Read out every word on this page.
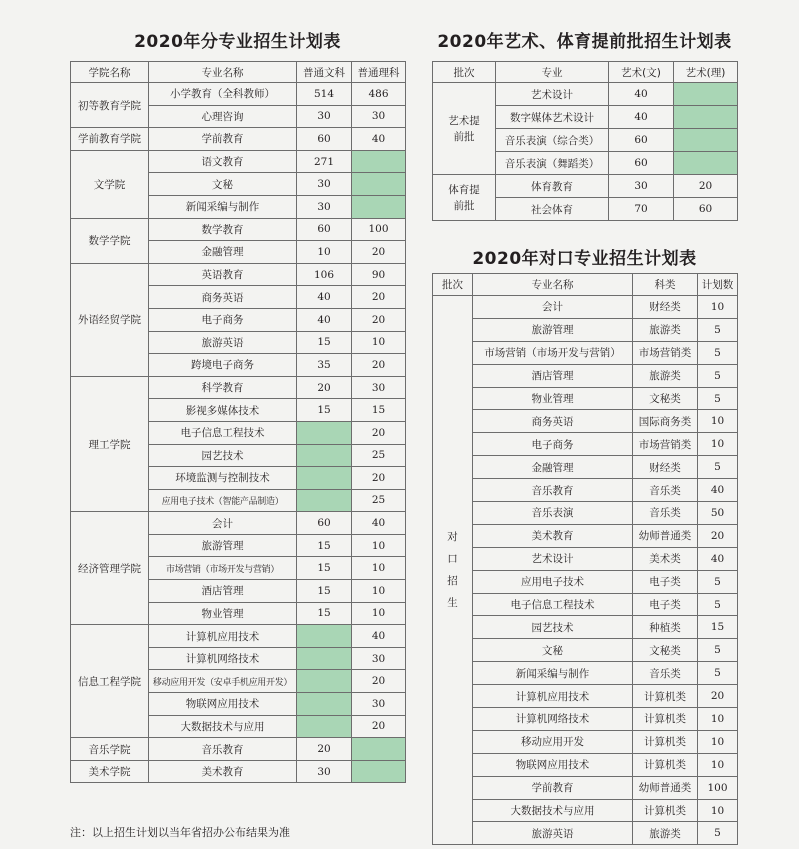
2020年分专业招生计划表
学院名称	专业名称	普通文科	普通理科
初等教育学院	小学教育（全科教师）	514	486
	心理咨询	30	30
学前教育学院	学前教育	60	40
文学院	语文教育	271	
	文秘	30	
	新闻采编与制作	30	
数学学院	数学教育	60	100
	金融管理	10	20
外语经贸学院	英语教育	106	90
	商务英语	40	20
	电子商务	40	20
	旅游英语	15	10
	跨境电子商务	35	20
理工学院	科学教育	20	30
	影视多媒体技术	15	15
	电子信息工程技术		20
	园艺技术		25
	环境监测与控制技术		20
	应用电子技术（智能产品制造）		25
经济管理学院	会计	60	40
	旅游管理	15	10
	市场营销（市场开发与营销）	15	10
	酒店管理	15	10
	物业管理	15	10
信息工程学院	计算机应用技术		40
	计算机网络技术		30
	移动应用开发（安卓手机应用开发）		20
	物联网应用技术		30
	大数据技术与应用		20
音乐学院	音乐教育	20	
美术学院	美术教育	30	
2020年艺术、体育提前批招生计划表
批次	专业	艺术(文)	艺术(理)
艺术提前批	艺术设计	40	
	数字媒体艺术设计	40	
	音乐表演（综合类）	60	
	音乐表演（舞蹈类）	60	
体育提前批	体育教育	30	20
	社会体育	70	60
2020年对口专业招生计划表
批次	专业名称	科类	计划数
对口招生	会计	财经类	10
	旅游管理	旅游类	5
	市场营销（市场开发与营销）	市场营销类	5
	酒店管理	旅游类	5
	物业管理	文秘类	5
	商务英语	国际商务类	10
	电子商务	市场营销类	10
	金融管理	财经类	5
	音乐教育	音乐类	40
	音乐表演	音乐类	50
	美术教育	幼师普通类	20
	艺术设计	美术类	40
	应用电子技术	电子类	5
	电子信息工程技术	电子类	5
	园艺技术	种植类	15
	文秘	文秘类	5
	新闻采编与制作	音乐类	5
	计算机应用技术	计算机类	20
	计算机网络技术	计算机类	10
	移动应用开发	计算机类	10
	物联网应用技术	计算机类	10
	学前教育	幼师普通类	100
	大数据技术与应用	计算机类	10
	旅游英语	旅游类	5
注：以上招生计划以当年省招办公布结果为准
